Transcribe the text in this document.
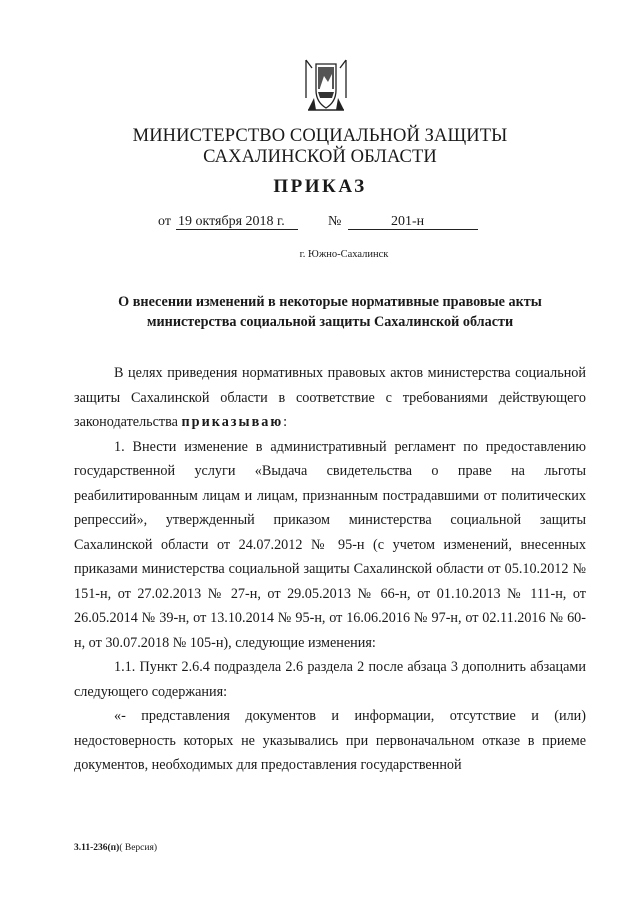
МИНИСТЕРСТВО СОЦИАЛЬНОЙ ЗАЩИТЫ
САХАЛИНСКОЙ ОБЛАСТИ
ПРИКАЗ
от 19 октября 2018 г.	№	201-н
г. Южно-Сахалинск
О внесении изменений в некоторые нормативные правовые акты
министерства социальной защиты Сахалинской области

В целях приведения нормативных правовых актов министерства социальной защиты Сахалинской области в соответствие с требованиями действующего законодательства приказываю:

1. Внести изменение в административный регламент по предоставлению государственной услуги «Выдача свидетельства о праве на льготы реабилитированным лицам и лицам, признанным пострадавшими от политических репрессий», утвержденный приказом министерства социальной защиты Сахалинской области от 24.07.2012 № 95-н (с учетом изменений, внесенных приказами министерства социальной защиты Сахалинской области от 05.10.2012 № 151-н, от 27.02.2013 № 27-н, от 29.05.2013 № 66-н, от 01.10.2013 № 111-н, от 26.05.2014 № 39-н, от 13.10.2014 № 95-н, от 16.06.2016 № 97-н, от 02.11.2016 № 60-н, от 30.07.2018 № 105-н), следующие изменения:

1.1. Пункт 2.6.4 подраздела 2.6 раздела 2 после абзаца 3 дополнить абзацами следующего содержания:

«- представления документов и информации, отсутствие и (или) недостоверность которых не указывались при первоначальном отказе в приеме документов, необходимых для предоставления государственной

3.11-236(п)( Версия)
